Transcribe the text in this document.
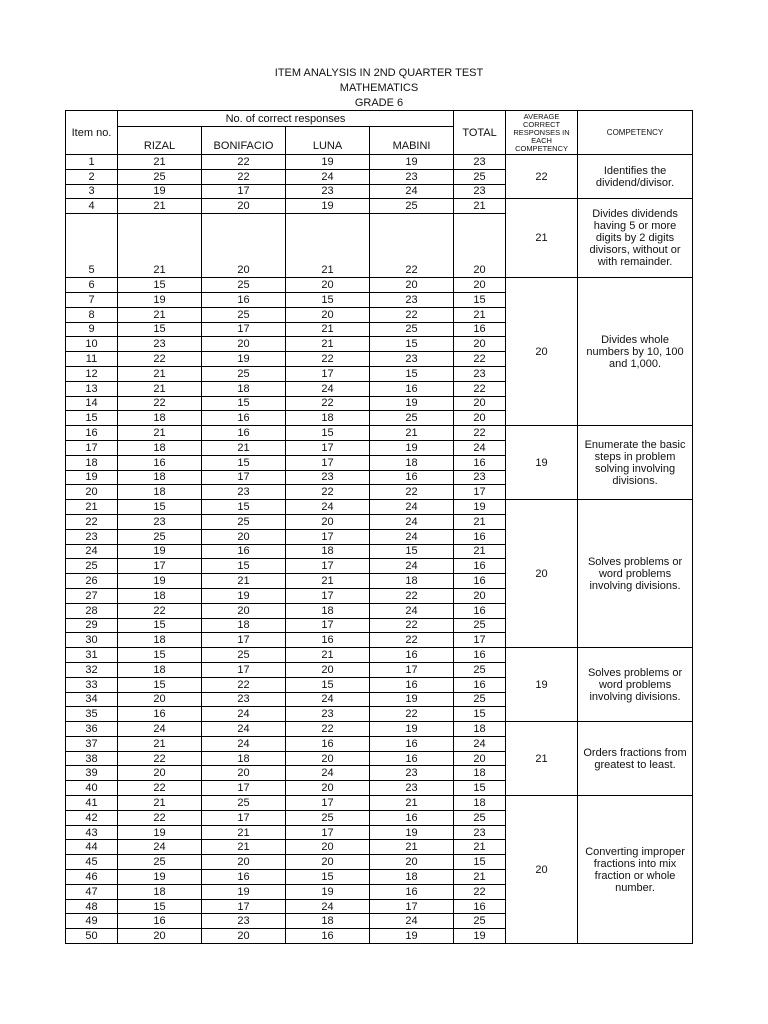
ITEM ANALYSIS IN 2ND QUARTER TEST
MATHEMATICS
GRADE 6
Item no.	No. of correct responses				TOTAL	AVERAGE CORRECT RESPONSES IN EACH COMPETENCY	COMPETENCY
	RIZAL	BONIFACIO	LUNA	MABINI			
1	21	22	19	19	23	22	Identifies the dividend/divisor.
2	25	22	24	23	25		
3	19	17	23	24	23		
4	21	20	19	25	21	21	Divides dividends having 5 or more digits by 2 digits divisors, without or with remainder.
5	21	20	21	22	20		
6	15	25	20	20	20	20	Divides whole numbers by 10, 100 and 1,000.
7	19	16	15	23	15		
8	21	25	20	22	21		
9	15	17	21	25	16		
10	23	20	21	15	20		
11	22	19	22	23	22		
12	21	25	17	15	23		
13	21	18	24	16	22		
14	22	15	22	19	20		
15	18	16	18	25	20		
16	21	16	15	21	22	19	Enumerate the basic steps in problem solving involving divisions.
17	18	21	17	19	24		
18	16	15	17	18	16		
19	18	17	23	16	23		
20	18	23	22	22	17		
21	15	15	24	24	19	20	Solves problems or word problems involving divisions.
22	23	25	20	24	21		
23	25	20	17	24	16		
24	19	16	18	15	21		
25	17	15	17	24	16		
26	19	21	21	18	16		
27	18	19	17	22	20		
28	22	20	18	24	16		
29	15	18	17	22	25		
30	18	17	16	22	17		
31	15	25	21	16	16	19	Solves problems or word problems involving divisions.
32	18	17	20	17	25		
33	15	22	15	16	16		
34	20	23	24	19	25		
35	16	24	23	22	15		
36	24	24	22	19	18	21	Orders fractions from greatest to least.
37	21	24	16	16	24		
38	22	18	20	16	20		
39	20	20	24	23	18		
40	22	17	20	23	15		
41	21	25	17	21	18	20	Converting improper fractions into mix fraction or whole number.
42	22	17	25	16	25		
43	19	21	17	19	23		
44	24	21	20	21	21		
45	25	20	20	20	15		
46	19	16	15	18	21		
47	18	19	19	16	22		
48	15	17	24	17	16		
49	16	23	18	24	25		
50	20	20	16	19	19		
